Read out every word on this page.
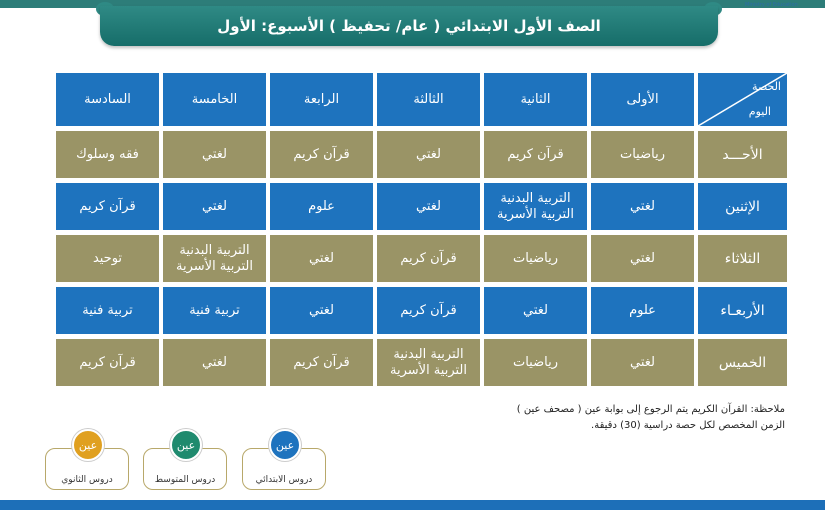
الصف الأول الابتدائي ( عام/ تحفيظ ) الأسبوع: الأول
Ministry of Education
الحصة
اليوم
الأولى
الثانية
الثالثة
الرابعة
الخامسة
السادسة
الأحـــد
رياضيات
قرآن كريم
لغتي
قرآن كريم
لغتي
فقه وسلوك
الإثنين
لغتي
التربية البدنية
التربية الأسرية
لغتي
علوم
لغتي
قرآن كريم
الثلاثاء
لغتي
رياضيات
قرآن كريم
لغتي
التربية البدنية
التربية الأسرية
توحيد
الأربعـاء
علوم
لغتي
قرآن كريم
لغتي
تربية فنية
تربية فنية
الخميس
لغتي
رياضيات
التربية البدنية
التربية الأسرية
قرآن كريم
لغتي
قرآن كريم
ملاحظة: القرآن الكريم يتم الرجوع إلى بوابة عين ( مصحف عين )
الزمن المخصص لكل حصة دراسية (30) دقيقة.
عين
دروس الابتدائي
عين
دروس المتوسط
عين
دروس الثانوي
